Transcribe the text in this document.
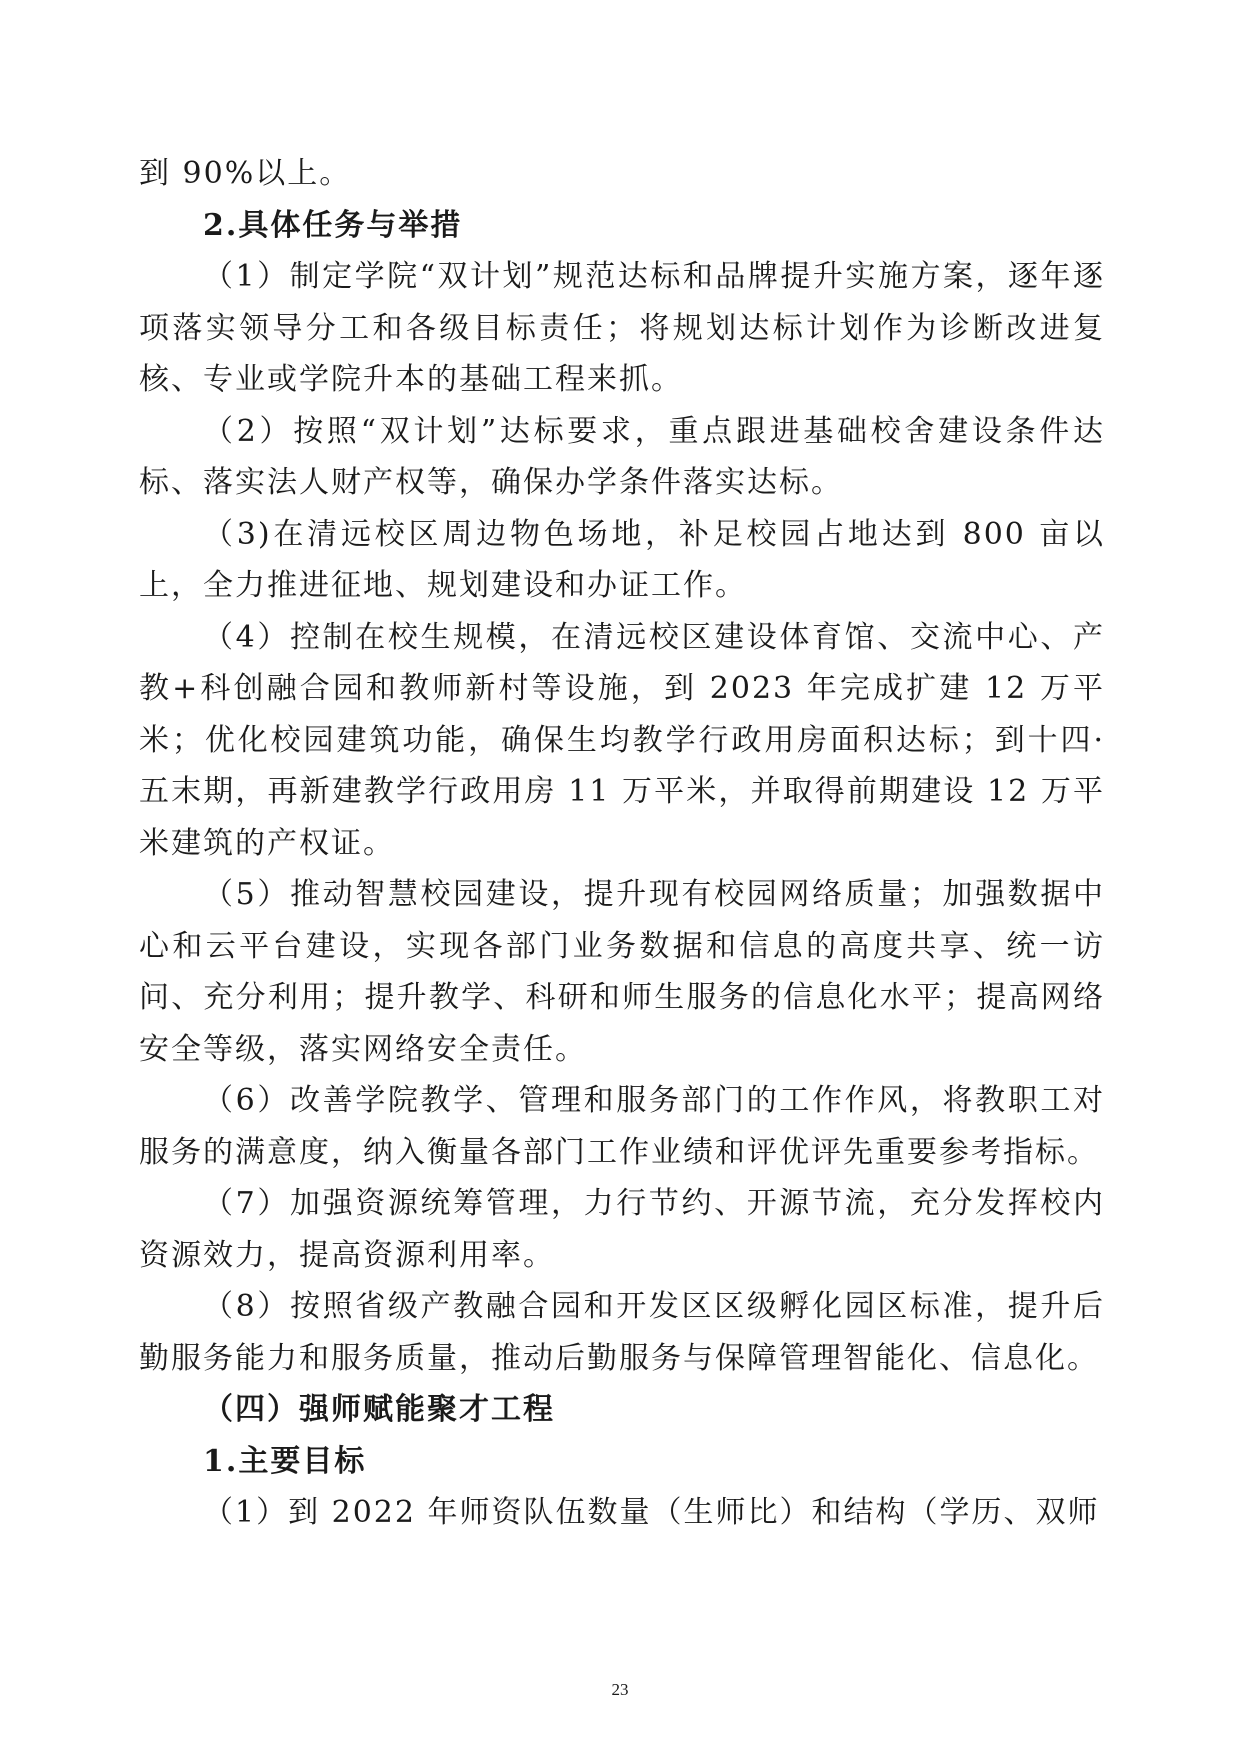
到 90%以上。

2.具体任务与举措

（1）制定学院“双计划”规范达标和品牌提升实施方案，逐年逐项落实领导分工和各级目标责任；将规划达标计划作为诊断改进复核、专业或学院升本的基础工程来抓。

（2）按照“双计划”达标要求，重点跟进基础校舍建设条件达标、落实法人财产权等，确保办学条件落实达标。

（3)在清远校区周边物色场地，补足校园占地达到 800 亩以上，全力推进征地、规划建设和办证工作。

（4）控制在校生规模，在清远校区建设体育馆、交流中心、产教+科创融合园和教师新村等设施，到 2023 年完成扩建 12 万平米；优化校园建筑功能，确保生均教学行政用房面积达标；到十四·五末期，再新建教学行政用房 11 万平米，并取得前期建设 12 万平米建筑的产权证。

（5）推动智慧校园建设，提升现有校园网络质量；加强数据中心和云平台建设，实现各部门业务数据和信息的高度共享、统一访问、充分利用；提升教学、科研和师生服务的信息化水平；提高网络安全等级，落实网络安全责任。

（6）改善学院教学、管理和服务部门的工作作风，将教职工对服务的满意度，纳入衡量各部门工作业绩和评优评先重要参考指标。

（7）加强资源统筹管理，力行节约、开源节流，充分发挥校内资源效力，提高资源利用率。

（8）按照省级产教融合园和开发区区级孵化园区标准，提升后勤服务能力和服务质量，推动后勤服务与保障管理智能化、信息化。

（四）强师赋能聚才工程

1.主要目标

（1）到 2022 年师资队伍数量（生师比）和结构（学历、双师

23
